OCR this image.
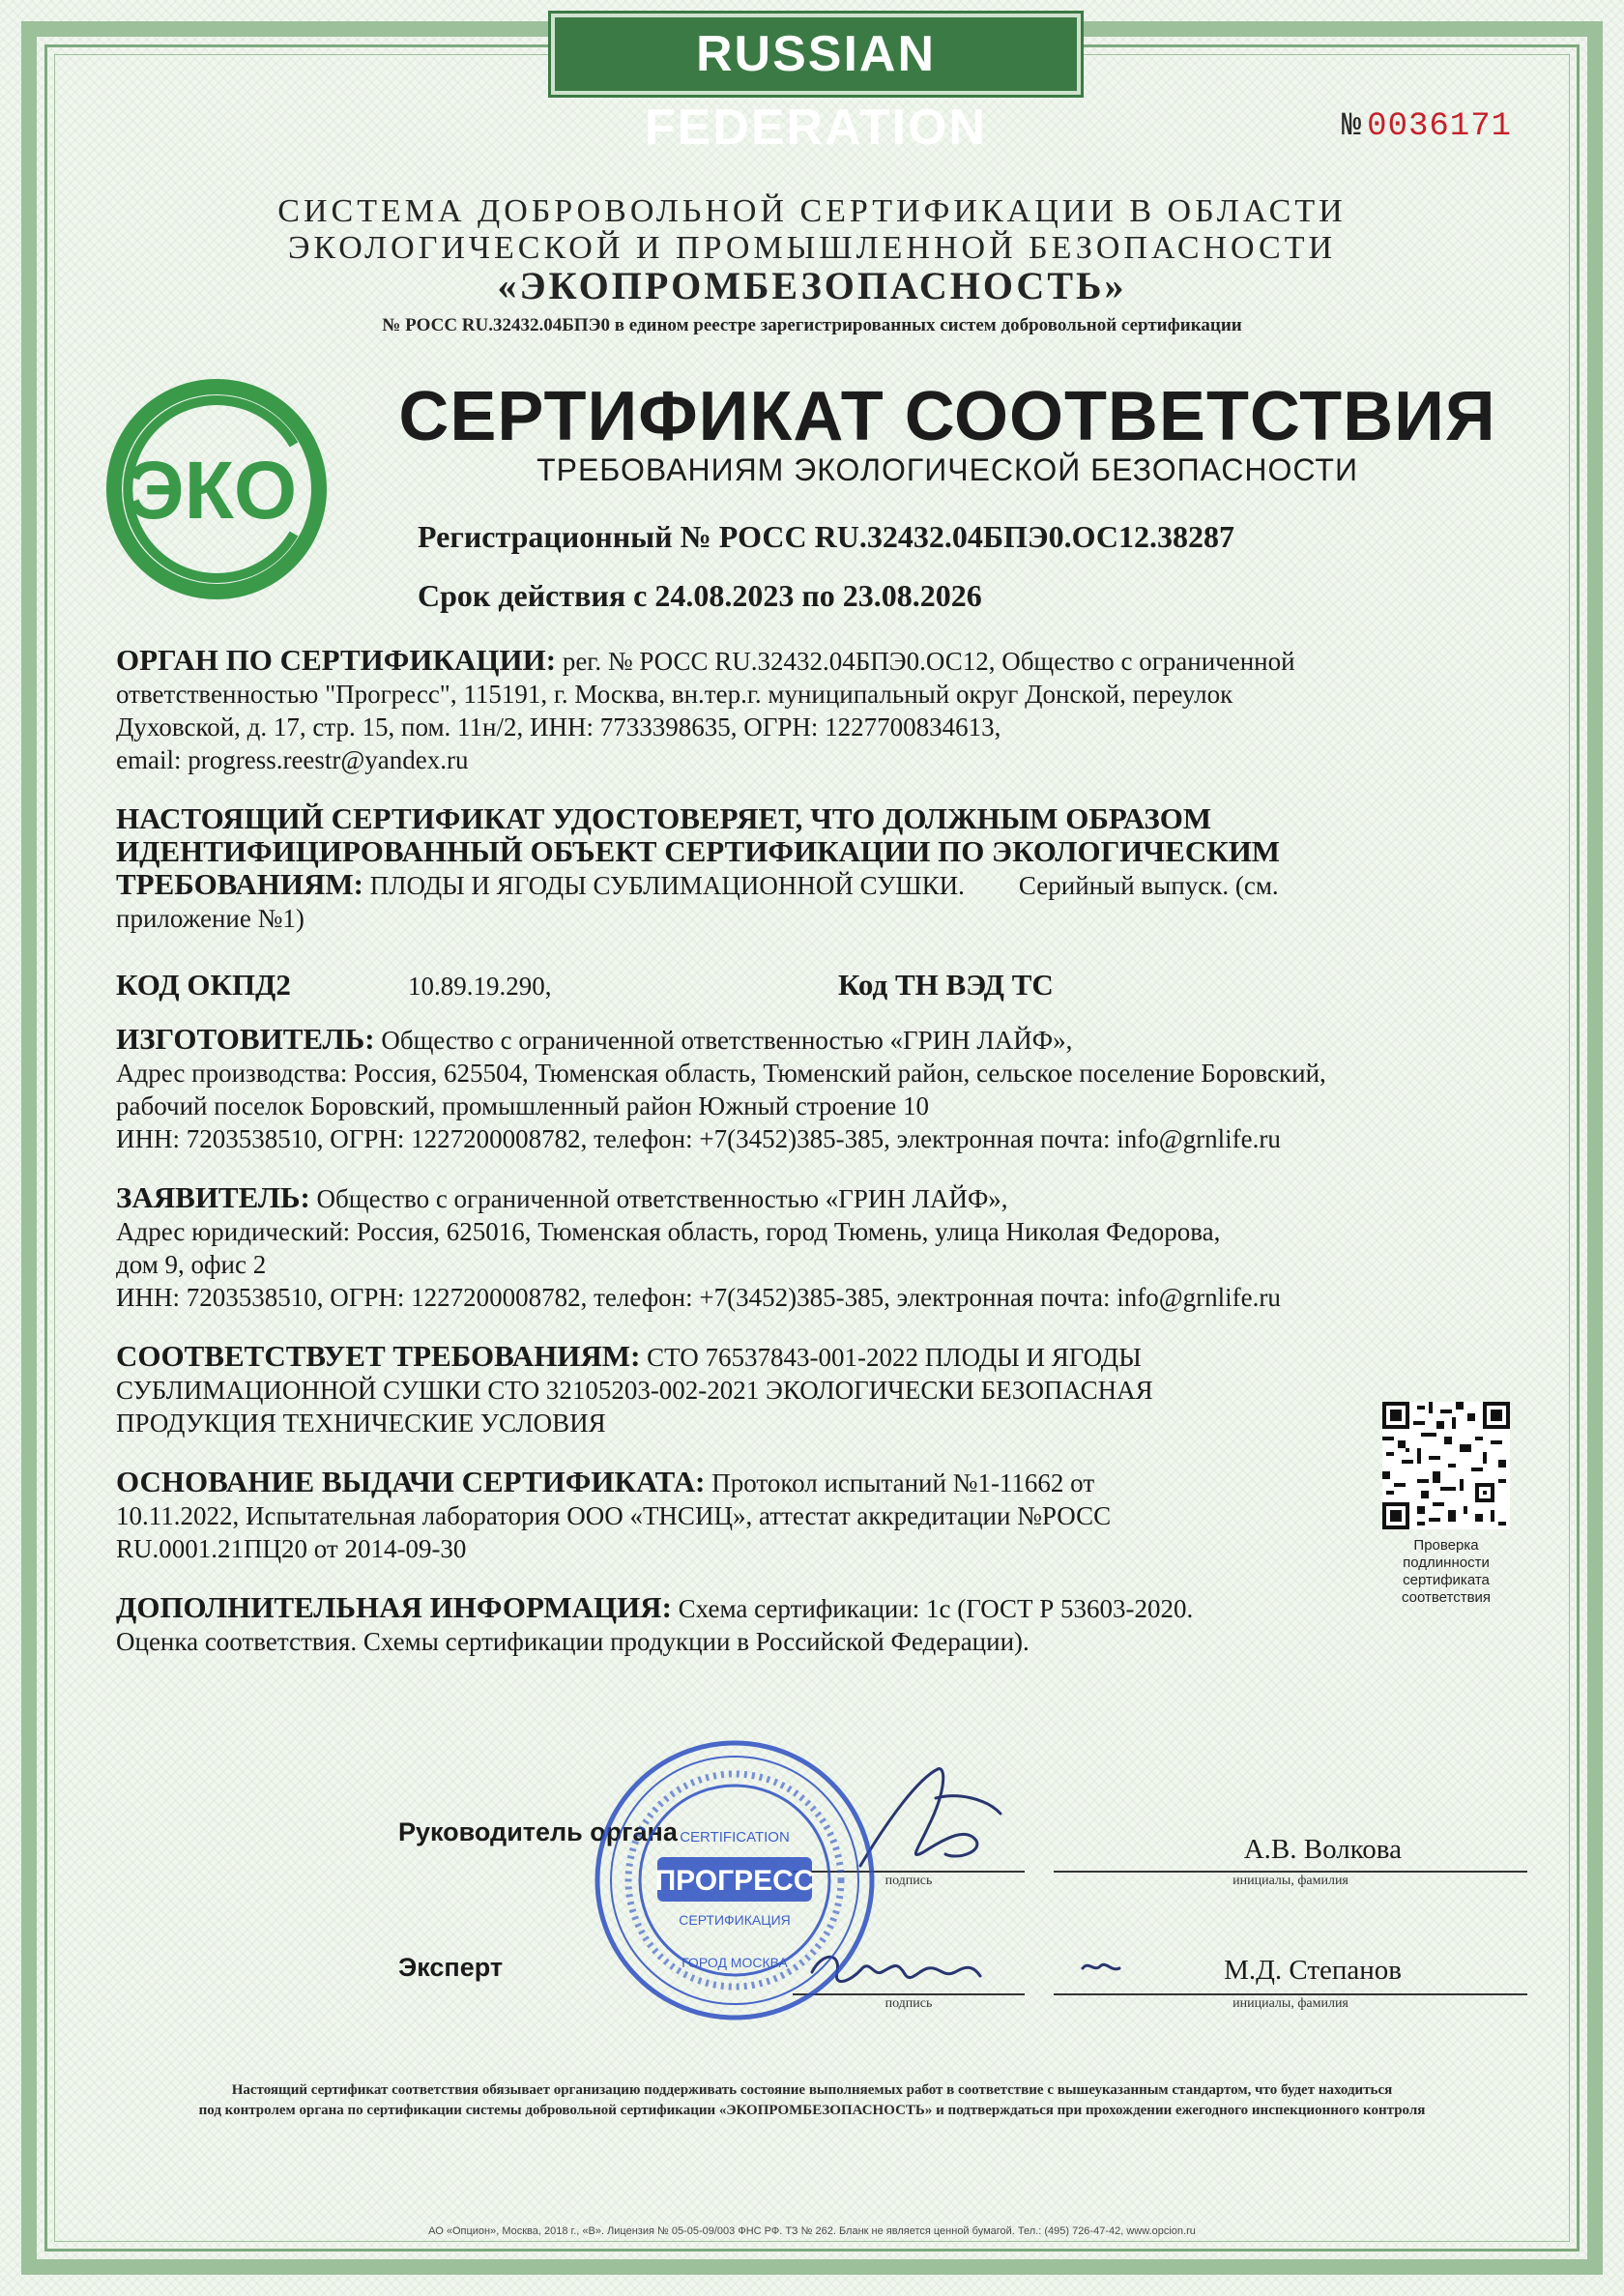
RUSSIAN FEDERATION	№ 0036171
СИСТЕМА ДОБРОВОЛЬНОЙ СЕРТИФИКАЦИИ В ОБЛАСТИ
ЭКОЛОГИЧЕСКОЙ И ПРОМЫШЛЕННОЙ БЕЗОПАСНОСТИ
«ЭКОПРОМБЕЗОПАСНОСТЬ»
№ РОСС RU.32432.04БПЭ0 в едином реестре зарегистрированных систем добровольной сертификации
ЭКО
СЕРТИФИКАТ СООТВЕТСТВИЯ
ТРЕБОВАНИЯМ ЭКОЛОГИЧЕСКОЙ БЕЗОПАСНОСТИ
Регистрационный № РОСС RU.32432.04БПЭ0.ОС12.38287
Срок действия с 24.08.2023 по 23.08.2026
ОРГАН ПО СЕРТИФИКАЦИИ: рег. № РОСС RU.32432.04БПЭ0.ОС12, Общество с ограниченной
ответственностью "Прогресс", 115191, г. Москва, вн.тер.г. муниципальный округ Донской, переулок
Духовской, д. 17, стр. 15, пом. 11н/2, ИНН: 7733398635, ОГРН: 1227700834613,
email: progress.reestr@yandex.ru
НАСТОЯЩИЙ СЕРТИФИКАТ УДОСТОВЕРЯЕТ, ЧТО ДОЛЖНЫМ ОБРАЗОМ
ИДЕНТИФИЦИРОВАННЫЙ ОБЪЕКТ СЕРТИФИКАЦИИ ПО ЭКОЛОГИЧЕСКИМ
ТРЕБОВАНИЯМ: ПЛОДЫ И ЯГОДЫ СУБЛИМАЦИОННОЙ СУШКИ. Серийный выпуск. (см.
приложение №1)
КОД ОКПД2	10.89.19.290,	Код ТН ВЭД ТС
ИЗГОТОВИТЕЛЬ: Общество с ограниченной ответственностью «ГРИН ЛАЙФ»,
Адрес производства: Россия, 625504, Тюменская область, Тюменский район, сельское поселение Боровский,
рабочий поселок Боровский, промышленный район Южный строение 10
ИНН: 7203538510, ОГРН: 1227200008782, телефон: +7(3452)385-385, электронная почта: info@grnlife.ru
ЗАЯВИТЕЛЬ: Общество с ограниченной ответственностью «ГРИН ЛАЙФ»,
Адрес юридический: Россия, 625016, Тюменская область, город Тюмень, улица Николая Федорова,
дом 9, офис 2
ИНН: 7203538510, ОГРН: 1227200008782, телефон: +7(3452)385-385, электронная почта: info@grnlife.ru
СООТВЕТСТВУЕТ ТРЕБОВАНИЯМ: СТО 76537843-001-2022 ПЛОДЫ И ЯГОДЫ
СУБЛИМАЦИОННОЙ СУШКИ СТО 32105203-002-2021 ЭКОЛОГИЧЕСКИ БЕЗОПАСНАЯ
ПРОДУКЦИЯ ТЕХНИЧЕСКИЕ УСЛОВИЯ
ОСНОВАНИЕ ВЫДАЧИ СЕРТИФИКАТА: Протокол испытаний №1-11662 от
10.11.2022, Испытательная лаборатория ООО «ТНСИЦ», аттестат аккредитации №РОСС
RU.0001.21ПЦ20 от 2014-09-30	Проверка
подлинности
сертификата
соответствия
ДОПОЛНИТЕЛЬНАЯ ИНФОРМАЦИЯ: Схема сертификации: 1с (ГОСТ Р 53603-2020.
Оценка соответствия. Схемы сертификации продукции в Российской Федерации).
Руководитель органа
подпись
А.В. Волкова
инициалы, фамилия
Эксперт
подпись
М.Д. Степанов
инициалы, фамилия
ПРОГРЕСС
CERTIFICATION
СЕРТИФИКАЦИЯ
ГОРОД МОСКВА
Настоящий сертификат соответствия обязывает организацию поддерживать состояние выполняемых работ в соответствие с вышеуказанным стандартом, что будет находиться
под контролем органа по сертификации системы добровольной сертификации «ЭКОПРОМБЕЗОПАСНОСТЬ» и подтверждаться при прохождении ежегодного инспекционного контроля
АО «Опцион», Москва, 2018 г., «В». Лицензия № 05-05-09/003 ФНС РФ. ТЗ № 262. Бланк не является ценной бумагой. Тел.: (495) 726-47-42, www.opcion.ru
